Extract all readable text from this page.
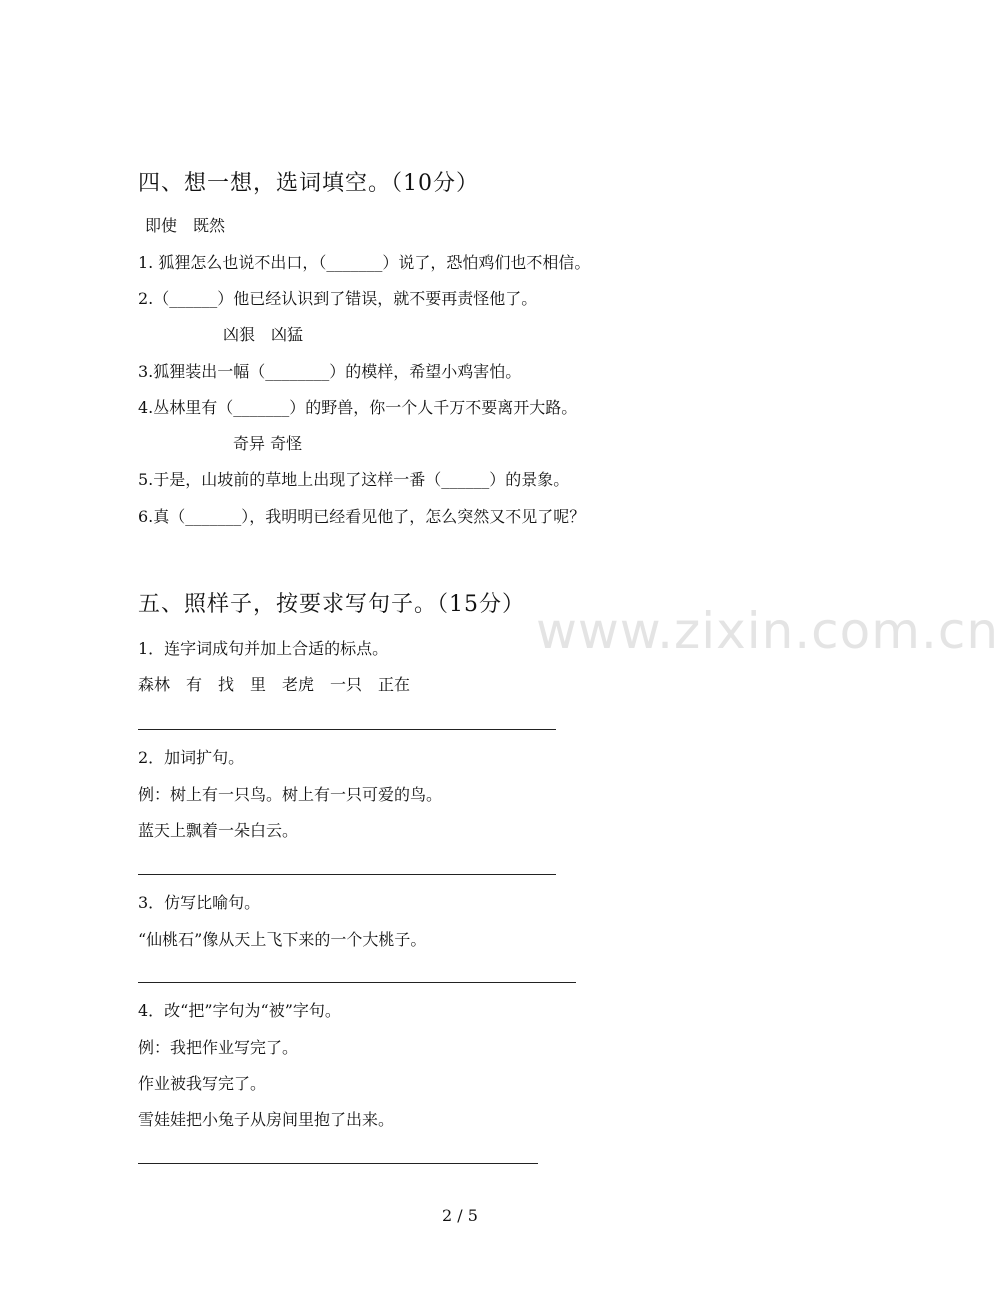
四、想一想，选词填空。（10分）
即使　既然
1. 狐狸怎么也说不出口，（_______）说了，恐怕鸡们也不相信。
2.（______）他已经认识到了错误，就不要再责怪他了。
凶狠　凶猛
3.狐狸装出一幅（________）的模样，希望小鸡害怕。
4.丛林里有（_______）的野兽，你一个人千万不要离开大路。
奇异 奇怪
5.于是，山坡前的草地上出现了这样一番（______）的景象。
6.真（_______），我明明已经看见他了，怎么突然又不见了呢？
五、照样子，按要求写句子。（15分）
1．连字词成句并加上合适的标点。
森林　有　找　里　老虎　一只　正在
2．加词扩句。
例：树上有一只鸟。树上有一只可爱的鸟。
蓝天上飘着一朵白云。
3．仿写比喻句。
“仙桃石”像从天上飞下来的一个大桃子。
4．改“把”字句为“被”字句。
例：我把作业写完了。
作业被我写完了。
雪娃娃把小兔子从房间里抱了出来。
www.zixin.com.cn
2 / 5
